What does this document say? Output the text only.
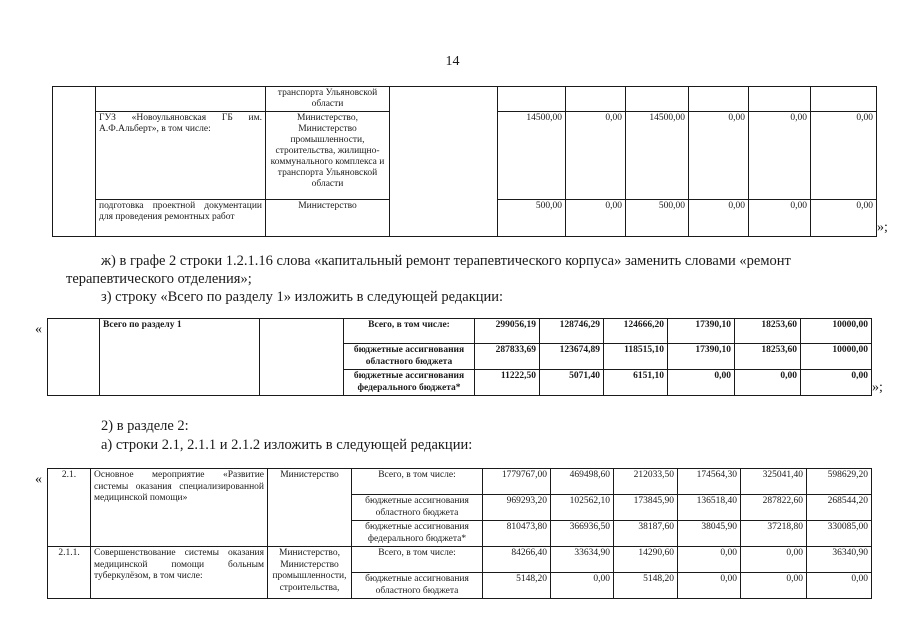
14
		транспорта Ульяновской области							
	ГУЗ «Новоульяновская ГБ им. А.Ф.Альберт», в том числе:	Министерство, Министерство промышленности, строительства, жилищно-коммунального комплекса и транспорта Ульяновской области		14500,00	0,00	14500,00	0,00	0,00	0,00
	подготовка проектной документации для проведения ремонтных работ	Министерство		500,00	0,00	500,00	0,00	0,00	0,00
»;
ж) в графе 2 строки 1.2.1.16 слова «капитальный ремонт терапевтического корпуса» заменить словами «ремонт
терапевтического отделения»;
з) строку «Всего по разделу 1» изложить в следующей редакции:
«
		Всего по разделу 1		Всего, в том числе:	299056,19	128746,29	124666,20	17390,10	18253,60	10000,00
			бюджетные ассигнования областного бюджета	287833,69	123674,89	118515,10	17390,10	18253,60	10000,00
			бюджетные ассигнования федерального бюджета*	11222,50	5071,40	6151,10	0,00	0,00	0,00
»;
2) в разделе 2:
а) строки 2.1, 2.1.1 и 2.1.2 изложить в следующей редакции:
« 2.1.	Основное мероприятие «Развитие системы оказания специализированной медицинской помощи»	Министерство	Всего, в том числе:	1779767,00	469498,60	212033,50	174564,30	325041,40	598629,20
			бюджетные ассигнования областного бюджета	969293,20	102562,10	173845,90	136518,40	287822,60	268544,20
			бюджетные ассигнования федерального бюджета*	810473,80	366936,50	38187,60	38045,90	37218,80	330085,00
2.1.1.	Совершенствование системы оказания медицинской помощи больным туберкулёзом, в том числе:	Министерство, Министерство промышленности, строительства,	Всего, в том числе:	84266,40	33634,90	14290,60	0,00	0,00	36340,90
			бюджетные ассигнования областного бюджета	5148,20	0,00	5148,20	0,00	0,00	0,00
